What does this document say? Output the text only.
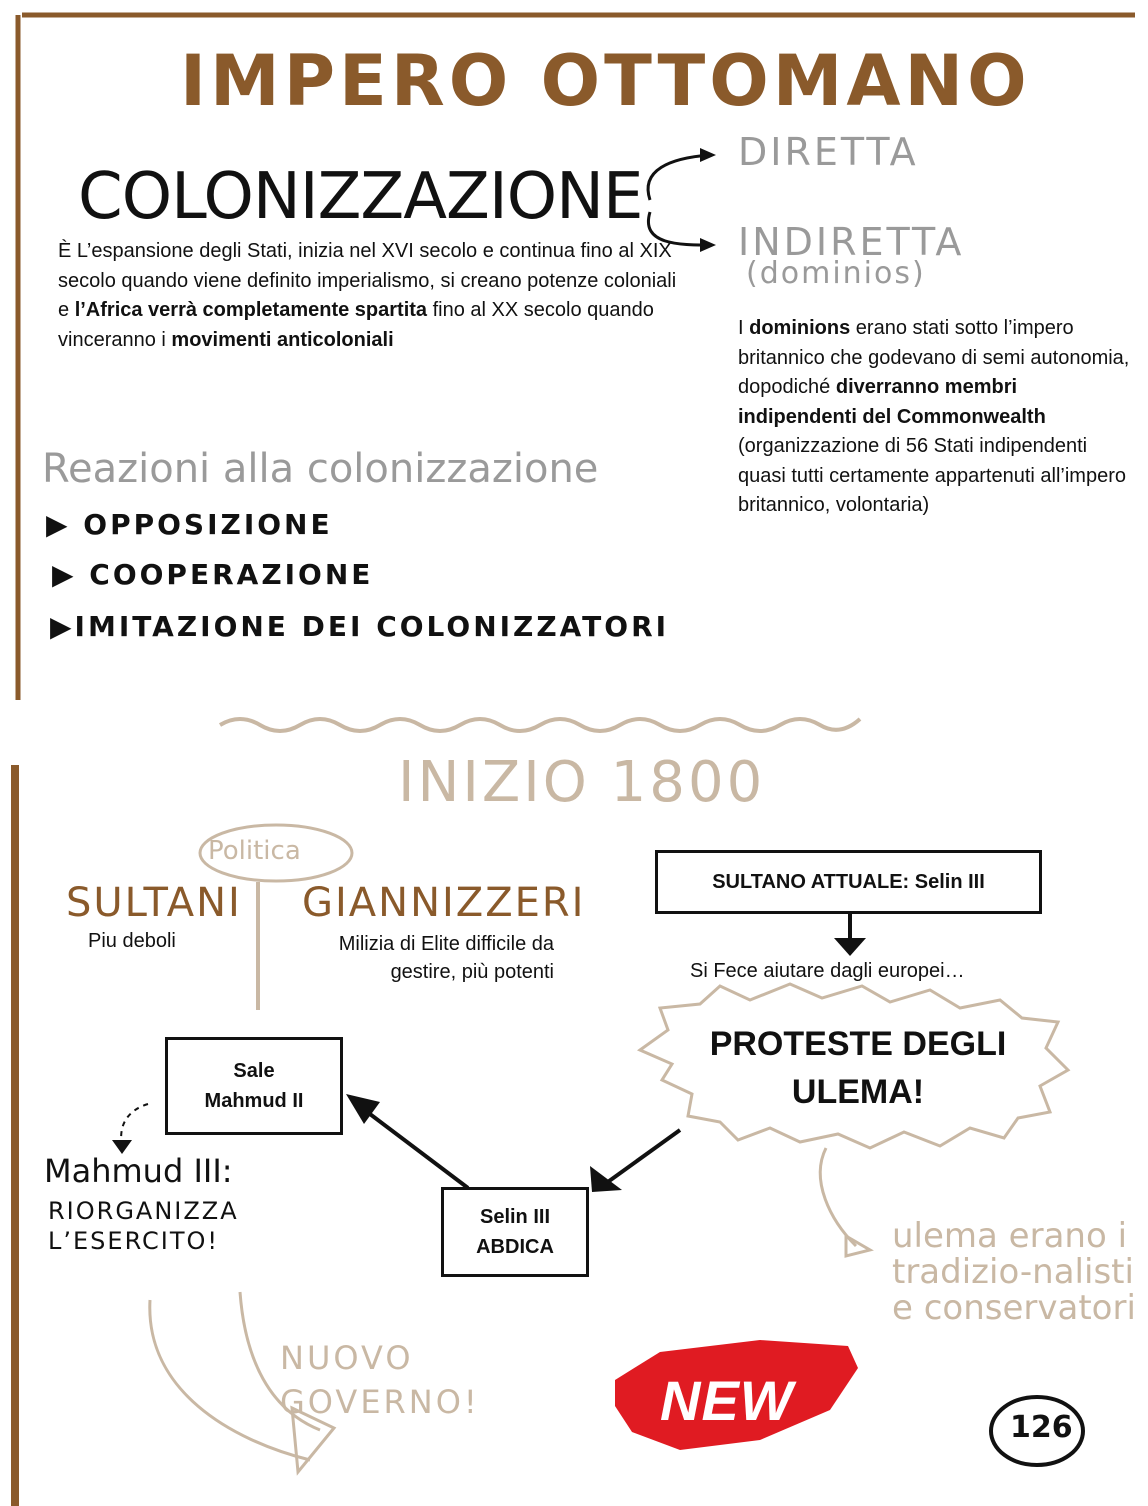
IMPERO OTTOMANO
COLONIZZAZIONE
È L’espansione degli Stati, inizia nel XVI secolo e continua fino al XIX secolo quando viene definito imperialismo, si creano potenze coloniali e l’Africa verrà completamente spartita fino al XX secolo quando vinceranno i movimenti anticoloniali
DIRETTA
INDIRETTA
(dominios)
I dominions erano stati sotto l’impero britannico che godevano di semi autonomia, dopodiché diverranno membri indipendenti del Commonwealth (organizzazione di 56 Stati indipendenti quasi tutti certamente appartenuti all’impero britannico, volontaria)
Reazioni alla colonizzazione
▶ OPPOSIZIONE
▶ COOPERAZIONE
▶IMITAZIONE DEI COLONIZZATORI
INIZIO 1800
Politica
SULTANI GIANNIZZERI
Piu deboli	Milizia di Elite difficile da gestire, più potenti
SULTANO ATTUALE: Selin III
Si Fece aiutare dagli europei…
PROTESTE DEGLI ULEMA!
Sale Mahmud II
Selin III ABDICA
Mahmud III:
RIORGANIZZA L’ESERCITO!	ulema erano i tradizio-nalisti e conservatori
NUOVO GOVERNO!	NEW	126
